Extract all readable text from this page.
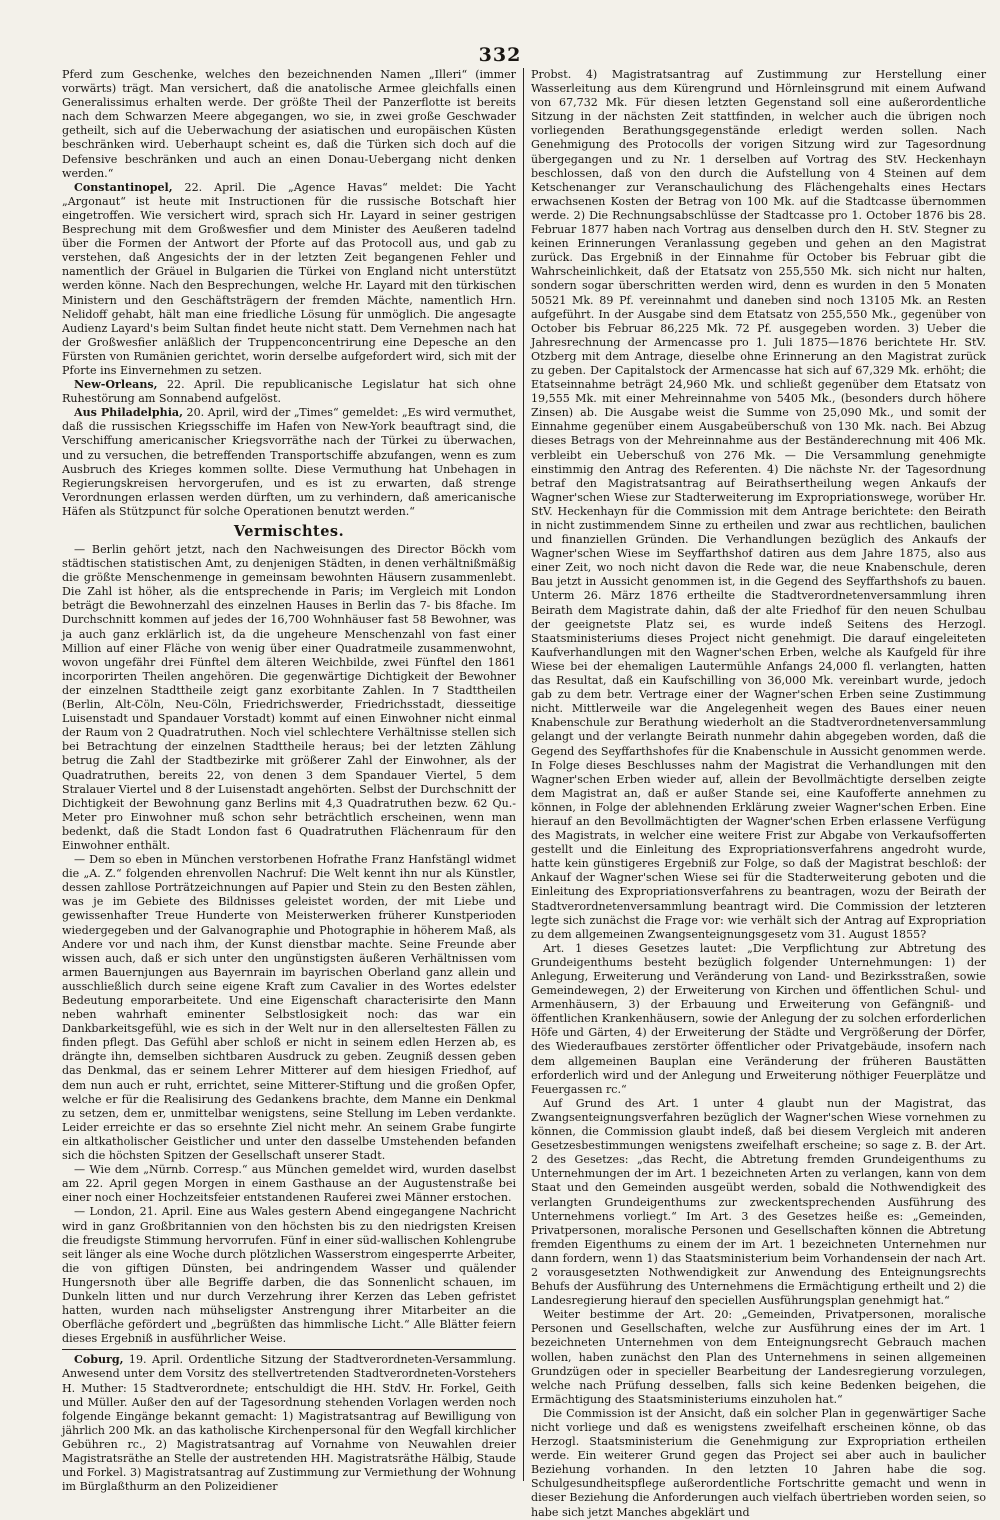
332

Pferd zum Geschenke, welches den bezeichnenden Namen „Illeri“ (immer vorwärts) trägt. Man versichert, daß die anatolische Armee gleichfalls einen Generalissimus erhalten werde. Der größte Theil der Panzerflotte ist bereits nach dem Schwarzen Meere abgegangen, wo sie, in zwei große Geschwader getheilt, sich auf die Ueberwachung der asiatischen und europäischen Küsten beschränken wird. Ueberhaupt scheint es, daß die Türken sich doch auf die Defensive beschränken und auch an einen Donau-Uebergang nicht denken werden.“

Constantinopel, 22. April. Die „Agence Havas“ meldet: Die Yacht „Argonaut“ ist heute mit Instructionen für die russische Botschaft hier eingetroffen. Wie versichert wird, sprach sich Hr. Layard in seiner gestrigen Besprechung mit dem Großwesfier und dem Minister des Aeußeren tadelnd über die Formen der Antwort der Pforte auf das Protocoll aus, und gab zu verstehen, daß Angesichts der in der letzten Zeit begangenen Fehler und namentlich der Gräuel in Bulgarien die Türkei von England nicht unterstützt werden könne. Nach den Besprechungen, welche Hr. Layard mit den türkischen Ministern und den Geschäftsträgern der fremden Mächte, namentlich Hrn. Nelidoff gehabt, hält man eine friedliche Lösung für unmöglich. Die angesagte Audienz Layard's beim Sultan findet heute nicht statt. Dem Vernehmen nach hat der Großwesfier anläßlich der Truppenconcentrirung eine Depesche an den Fürsten von Rumänien gerichtet, worin derselbe aufgefordert wird, sich mit der Pforte ins Einvernehmen zu setzen.

New-Orleans, 22. April. Die republicanische Legislatur hat sich ohne Ruhestörung am Sonnabend aufgelöst.

Aus Philadelphia, 20. April, wird der „Times“ gemeldet: „Es wird vermuthet, daß die russischen Kriegsschiffe im Hafen von New-York beauftragt sind, die Verschiffung americanischer Kriegsvorräthe nach der Türkei zu überwachen, und zu versuchen, die betreffenden Transportschiffe abzufangen, wenn es zum Ausbruch des Krieges kommen sollte. Diese Vermuthung hat Unbehagen in Regierungskreisen hervorgerufen, und es ist zu erwarten, daß strenge Verordnungen erlassen werden dürften, um zu verhindern, daß americanische Häfen als Stützpunct für solche Operationen benutzt werden.“

Vermischtes.

— Berlin gehört jetzt, nach den Nachweisungen des Director Böckh vom städtischen statistischen Amt, zu denjenigen Städten, in denen verhältnißmäßig die größte Menschenmenge in gemeinsam bewohnten Häusern zusammenlebt. Die Zahl ist höher, als die entsprechende in Paris; im Vergleich mit London beträgt die Bewohnerzahl des einzelnen Hauses in Berlin das 7- bis 8fache. Im Durchschnitt kommen auf jedes der 16,700 Wohnhäuser fast 58 Bewohner, was ja auch ganz erklärlich ist, da die ungeheure Menschenzahl von fast einer Million auf einer Fläche von wenig über einer Quadratmeile zusammenwohnt, wovon ungefähr drei Fünftel dem älteren Weichbilde, zwei Fünftel den 1861 incorporirten Theilen angehören. Die gegenwärtige Dichtigkeit der Bewohner der einzelnen Stadttheile zeigt ganz exorbitante Zahlen. In 7 Stadttheilen (Berlin, Alt-Cöln, Neu-Cöln, Friedrichswerder, Friedrichsstadt, diesseitige Luisenstadt und Spandauer Vorstadt) kommt auf einen Einwohner nicht einmal der Raum von 2 Quadratruthen. Noch viel schlechtere Verhältnisse stellen sich bei Betrachtung der einzelnen Stadttheile heraus; bei der letzten Zählung betrug die Zahl der Stadtbezirke mit größerer Zahl der Einwohner, als der Quadratruthen, bereits 22, von denen 3 dem Spandauer Viertel, 5 dem Stralauer Viertel und 8 der Luisenstadt angehörten. Selbst der Durchschnitt der Dichtigkeit der Bewohnung ganz Berlins mit 4,3 Quadratruthen bezw. 62 Qu.-Meter pro Einwohner muß schon sehr beträchtlich erscheinen, wenn man bedenkt, daß die Stadt London fast 6 Quadratruthen Flächenraum für den Einwohner enthält.

— Dem so eben in München verstorbenen Hofrathe Franz Hanfstängl widmet die „A. Z.“ folgenden ehrenvollen Nachruf: Die Welt kennt ihn nur als Künstler, dessen zahllose Porträtzeichnungen auf Papier und Stein zu den Besten zählen, was je im Gebiete des Bildnisses geleistet worden, der mit Liebe und gewissenhafter Treue Hunderte von Meisterwerken früherer Kunstperioden wiedergegeben und der Galvanographie und Photographie in höherem Maß, als Andere vor und nach ihm, der Kunst dienstbar machte. Seine Freunde aber wissen auch, daß er sich unter den ungünstigsten äußeren Verhältnissen vom armen Bauernjungen aus Bayernrain im bayrischen Oberland ganz allein und ausschließlich durch seine eigene Kraft zum Cavalier in des Wortes edelster Bedeutung emporarbeitete. Und eine Eigenschaft characterisirte den Mann neben wahrhaft eminenter Selbstlosigkeit noch: das war ein Dankbarkeitsgefühl, wie es sich in der Welt nur in den allerseltesten Fällen zu finden pflegt. Das Gefühl aber schloß er nicht in seinem edlen Herzen ab, es drängte ihn, demselben sichtbaren Ausdruck zu geben. Zeugniß dessen geben das Denkmal, das er seinem Lehrer Mitterer auf dem hiesigen Friedhof, auf dem nun auch er ruht, errichtet, seine Mitterer-Stiftung und die großen Opfer, welche er für die Realisirung des Gedankens brachte, dem Manne ein Denkmal zu setzen, dem er, unmittelbar wenigstens, seine Stellung im Leben verdankte. Leider erreichte er das so ersehnte Ziel nicht mehr. An seinem Grabe fungirte ein altkatholischer Geistlicher und unter den dasselbe Umstehenden befanden sich die höchsten Spitzen der Gesellschaft unserer Stadt.

— Wie dem „Nürnb. Corresp.“ aus München gemeldet wird, wurden daselbst am 22. April gegen Morgen in einem Gasthause an der Augustenstraße bei einer noch einer Hochzeitsfeier entstandenen Rauferei zwei Männer erstochen.

— London, 21. April. Eine aus Wales gestern Abend eingegangene Nachricht wird in ganz Großbritannien von den höchsten bis zu den niedrigsten Kreisen die freudigste Stimmung hervorrufen. Fünf in einer süd-wallischen Kohlengrube seit länger als eine Woche durch plötzlichen Wasserstrom eingesperrte Arbeiter, die von giftigen Dünsten, bei andringendem Wasser und quälender Hungersnoth über alle Begriffe darben, die das Sonnenlicht schauen, im Dunkeln litten und nur durch Verzehrung ihrer Kerzen das Leben gefristet hatten, wurden nach mühseligster Anstrengung ihrer Mitarbeiter an die Oberfläche gefördert und „begrüßten das himmlische Licht.“ Alle Blätter feiern dieses Ergebniß in ausführlicher Weise.

Coburg, 19. April. Ordentliche Sitzung der Stadtverordneten-Versammlung. Anwesend unter dem Vorsitz des stellvertretenden Stadtverordneten-Vorstehers H. Muther: 15 Stadtverordnete; entschuldigt die HH. StdV. Hr. Forkel, Geith und Müller. Außer den auf der Tagesordnung stehenden Vorlagen werden noch folgende Eingänge bekannt gemacht: 1) Magistratsantrag auf Bewilligung von jährlich 200 Mk. an das katholische Kirchenpersonal für den Wegfall kirchlicher Gebühren rc., 2) Magistratsantrag auf Vornahme von Neuwahlen dreier Magistratsräthe an Stelle der austretenden HH. Magistratsräthe Hälbig, Staude und Forkel. 3) Magistratsantrag auf Zustimmung zur Vermiethung der Wohnung im Bürglaßthurm an den Polizeidiener

Probst. 4) Magistratsantrag auf Zustimmung zur Herstellung einer Wasserleitung aus dem Kürengrund und Hörnleinsgrund mit einem Aufwand von 67,732 Mk. Für diesen letzten Gegenstand soll eine außerordentliche Sitzung in der nächsten Zeit stattfinden, in welcher auch die übrigen noch vorliegenden Berathungsgegenstände erledigt werden sollen. Nach Genehmigung des Protocolls der vorigen Sitzung wird zur Tagesordnung übergegangen und zu Nr. 1 derselben auf Vortrag des StV. Heckenhayn beschlossen, daß von den durch die Aufstellung von 4 Steinen auf dem Ketschenanger zur Veranschaulichung des Flächengehalts eines Hectars erwachsenen Kosten der Betrag von 100 Mk. auf die Stadtcasse übernommen werde. 2) Die Rechnungsabschlüsse der Stadtcasse pro 1. October 1876 bis 28. Februar 1877 haben nach Vortrag aus denselben durch den H. StV. Stegner zu keinen Erinnerungen Veranlassung gegeben und gehen an den Magistrat zurück. Das Ergebniß in der Einnahme für October bis Februar gibt die Wahrscheinlichkeit, daß der Etatsatz von 255,550 Mk. sich nicht nur halten, sondern sogar überschritten werden wird, denn es wurden in den 5 Monaten 50521 Mk. 89 Pf. vereinnahmt und daneben sind noch 13105 Mk. an Resten aufgeführt. In der Ausgabe sind dem Etatsatz von 255,550 Mk., gegenüber von October bis Februar 86,225 Mk. 72 Pf. ausgegeben worden. 3) Ueber die Jahresrechnung der Armencasse pro 1. Juli 1875—1876 berichtete Hr. StV. Otzberg mit dem Antrage, dieselbe ohne Erinnerung an den Magistrat zurück zu geben. Der Capitalstock der Armencasse hat sich auf 67,329 Mk. erhöht; die Etatseinnahme beträgt 24,960 Mk. und schließt gegenüber dem Etatsatz von 19,555 Mk. mit einer Mehreinnahme von 5405 Mk., (besonders durch höhere Zinsen) ab. Die Ausgabe weist die Summe von 25,090 Mk., und somit der Einnahme gegenüber einem Ausgabeüberschuß von 130 Mk. nach. Bei Abzug dieses Betrags von der Mehreinnahme aus der Beständerechnung mit 406 Mk. verbleibt ein Ueberschuß von 276 Mk. — Die Versammlung genehmigte einstimmig den Antrag des Referenten. 4) Die nächste Nr. der Tagesordnung betraf den Magistratsantrag auf Beirathsertheilung wegen Ankaufs der Wagner'schen Wiese zur Stadterweiterung im Expropriationswege, worüber Hr. StV. Heckenhayn für die Commission mit dem Antrage berichtete: den Beirath in nicht zustimmendem Sinne zu ertheilen und zwar aus rechtlichen, baulichen und finanziellen Gründen. Die Verhandlungen bezüglich des Ankaufs der Wagner'schen Wiese im Seyffarthshof datiren aus dem Jahre 1875, also aus einer Zeit, wo noch nicht davon die Rede war, die neue Knabenschule, deren Bau jetzt in Aussicht genommen ist, in die Gegend des Seyffarthshofs zu bauen. Unterm 26. März 1876 ertheilte die Stadtverordnetenversammlung ihren Beirath dem Magistrate dahin, daß der alte Friedhof für den neuen Schulbau der geeignetste Platz sei, es wurde indeß Seitens des Herzogl. Staatsministeriums dieses Project nicht genehmigt. Die darauf eingeleiteten Kaufverhandlungen mit den Wagner'schen Erben, welche als Kaufgeld für ihre Wiese bei der ehemaligen Lautermühle Anfangs 24,000 fl. verlangten, hatten das Resultat, daß ein Kaufschilling von 36,000 Mk. vereinbart wurde, jedoch gab zu dem betr. Vertrage einer der Wagner'schen Erben seine Zustimmung nicht. Mittlerweile war die Angelegenheit wegen des Baues einer neuen Knabenschule zur Berathung wiederholt an die Stadtverordnetenversammlung gelangt und der verlangte Beirath nunmehr dahin abgegeben worden, daß die Gegend des Seyffarthshofes für die Knabenschule in Aussicht genommen werde. In Folge dieses Beschlusses nahm der Magistrat die Verhandlungen mit den Wagner'schen Erben wieder auf, allein der Bevollmächtigte derselben zeigte dem Magistrat an, daß er außer Stande sei, eine Kaufofferte annehmen zu können, in Folge der ablehnenden Erklärung zweier Wagner'schen Erben. Eine hierauf an den Bevollmächtigten der Wagner'schen Erben erlassene Verfügung des Magistrats, in welcher eine weitere Frist zur Abgabe von Verkaufsofferten gestellt und die Einleitung des Expropriationsverfahrens angedroht wurde, hatte kein günstigeres Ergebniß zur Folge, so daß der Magistrat beschloß: der Ankauf der Wagner'schen Wiese sei für die Stadterweiterung geboten und die Einleitung des Expropriationsverfahrens zu beantragen, wozu der Beirath der Stadtverordnetenversammlung beantragt wird. Die Commission der letzteren legte sich zunächst die Frage vor: wie verhält sich der Antrag auf Expropriation zu dem allgemeinen Zwangsenteignungsgesetz vom 31. August 1855?

Art. 1 dieses Gesetzes lautet: „Die Verpflichtung zur Abtretung des Grundeigenthums besteht bezüglich folgender Unternehmungen: 1) der Anlegung, Erweiterung und Veränderung von Land- und Bezirksstraßen, sowie Gemeindewegen, 2) der Erweiterung von Kirchen und öffentlichen Schul- und Armenhäusern, 3) der Erbauung und Erweiterung von Gefängniß- und öffentlichen Krankenhäusern, sowie der Anlegung der zu solchen erforderlichen Höfe und Gärten, 4) der Erweiterung der Städte und Vergrößerung der Dörfer, des Wiederaufbaues zerstörter öffentlicher oder Privatgebäude, insofern nach dem allgemeinen Bauplan eine Veränderung der früheren Baustätten erforderlich wird und der Anlegung und Erweiterung nöthiger Feuerplätze und Feuergassen rc.“

Auf Grund des Art. 1 unter 4 glaubt nun der Magistrat, das Zwangsenteignungsverfahren bezüglich der Wagner'schen Wiese vornehmen zu können, die Commission glaubt indeß, daß bei diesem Vergleich mit anderen Gesetzesbestimmungen wenigstens zweifelhaft erscheine; so sage z. B. der Art. 2 des Gesetzes: „das Recht, die Abtretung fremden Grundeigenthums zu Unternehmungen der im Art. 1 bezeichneten Arten zu verlangen, kann von dem Staat und den Gemeinden ausgeübt werden, sobald die Nothwendigkeit des verlangten Grundeigenthums zur zweckentsprechenden Ausführung des Unternehmens vorliegt.“ Im Art. 3 des Gesetzes heiße es: „Gemeinden, Privatpersonen, moralische Personen und Gesellschaften können die Abtretung fremden Eigenthums zu einem der im Art. 1 bezeichneten Unternehmen nur dann fordern, wenn 1) das Staatsministerium beim Vorhandensein der nach Art. 2 vorausgesetzten Nothwendigkeit zur Anwendung des Enteignungsrechts Behufs der Ausführung des Unternehmens die Ermächtigung ertheilt und 2) die Landesregierung hierauf den speciellen Ausführungsplan genehmigt hat.“

Weiter bestimme der Art. 20: „Gemeinden, Privatpersonen, moralische Personen und Gesellschaften, welche zur Ausführung eines der im Art. 1 bezeichneten Unternehmen von dem Enteignungsrecht Gebrauch machen wollen, haben zunächst den Plan des Unternehmens in seinen allgemeinen Grundzügen oder in specieller Bearbeitung der Landesregierung vorzulegen, welche nach Prüfung desselben, falls sich keine Bedenken beigehen, die Ermächtigung des Staatsministeriums einzuholen hat.“

Die Commission ist der Ansicht, daß ein solcher Plan in gegenwärtiger Sache nicht vorliege und daß es wenigstens zweifelhaft erscheinen könne, ob das Herzogl. Staatsministerium die Genehmigung zur Expropriation ertheilen werde. Ein weiterer Grund gegen das Project sei aber auch in baulicher Beziehung vorhanden. In den letzten 10 Jahren habe die sog. Schulgesundheitspflege außerordentliche Fortschritte gemacht und wenn in dieser Beziehung die Anforderungen auch vielfach übertrieben worden seien, so habe sich jetzt Manches abgeklärt und
